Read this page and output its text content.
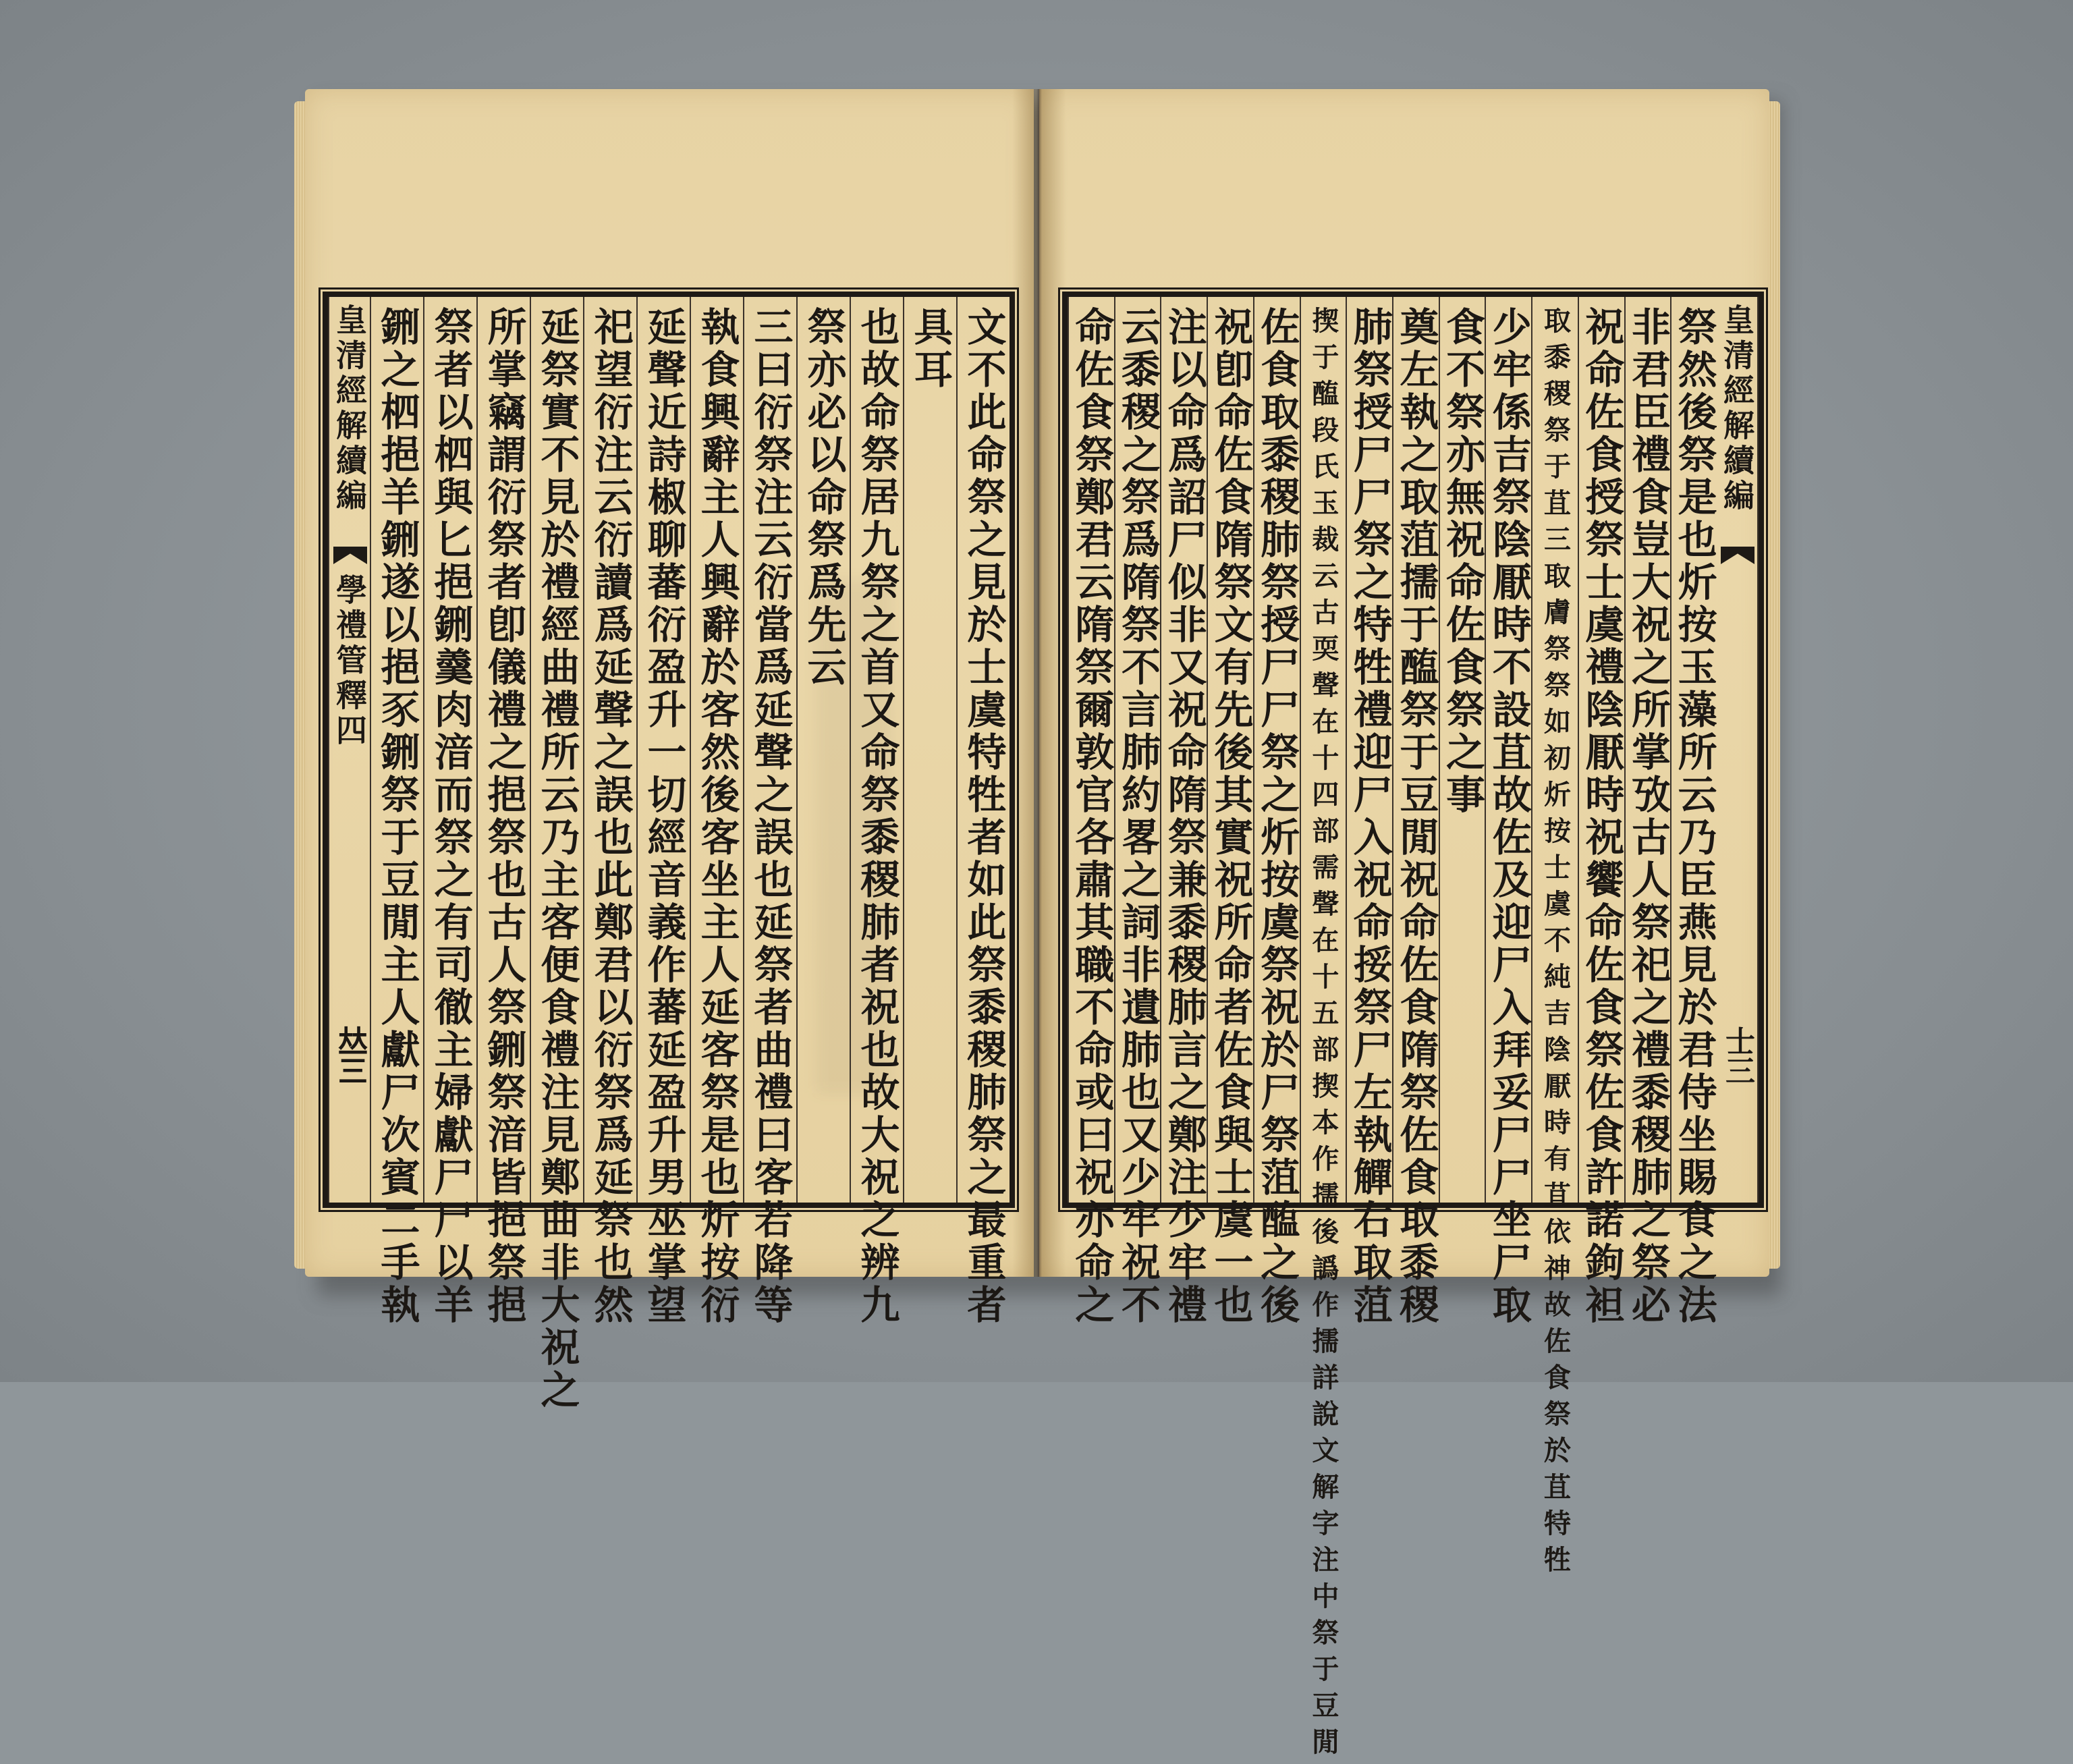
皇清經解續編
學禮管釋四
𠀤三	文不此命祭之見於士虞特牲者如此祭黍稷肺祭之最重者
具耳
也故命祭居九祭之首又命祭黍稷肺者祝也故大祝之辨九
祭亦必以命祭爲先云
三曰衍祭注云衍當爲延聲之誤也延祭者曲禮曰客若降等
執食興辭主人興辭於客然後客坐主人延客祭是也炘按衍
延聲近詩椒聊蕃衍盈升一切經音義作蕃延盈升男巫掌望
祀望衍注云衍讀爲延聲之誤也此鄭君以衍祭爲延祭也然
延祭實不見於禮經曲禮所云乃主客便食禮注見鄭曲非大祝之
所掌竊謂衍祭者卽儀禮之挹祭也古人祭鉶祭湆皆挹祭挹
祭者以柶與匕挹鉶羹肉湆而祭之有司徹主婦獻尸尸以羊
鉶之柶挹羊鉶遂以挹豕鉶祭于豆閒主人獻尸次賓二手執	皇清經解續編
士三
祭然後祭是也炘按玉藻所云乃臣燕見於君侍坐賜食之法
非君臣禮食豈大祝之所掌攷古人祭祀之禮黍稷肺之祭必
祝命佐食授祭士虞禮陰厭時祝饗命佐食祭佐食許諾鉤袒
取黍稷祭于苴三取膚祭祭如初炘按士虞不純吉陰厭時有苴依神故佐食祭於苴特牲
少牢係吉祭陰厭時不設苴故佐及迎尸入拜妥尸尸坐尸取
食不祭亦無祝命佐食祭之事
奠左執之取菹擩于醢祭于豆閒祝命佐食隋祭佐食取黍稷
肺祭授尸尸祭之特牲禮迎尸入祝命挼祭尸左執觶右取菹
揳于醢段氏玉裁云古耎聲在十四部需聲在十五部揳本作擩後譌作擩詳說文解字注中祭于豆閒
佐食取黍稷肺祭授尸尸祭之炘按虞祭祝於尸祭菹醢之後
祝卽命佐食隋祭文有先後其實祝所命者佐食與士虞一也
注以命爲詔尸似非又祝命隋祭兼黍稷肺言之鄭注少牢禮
云黍稷之祭爲隋祭不言肺約畧之詞非遺肺也又少牢祝不
命佐食祭鄭君云隋祭爾敦官各肅其職不命或曰祝亦命之
